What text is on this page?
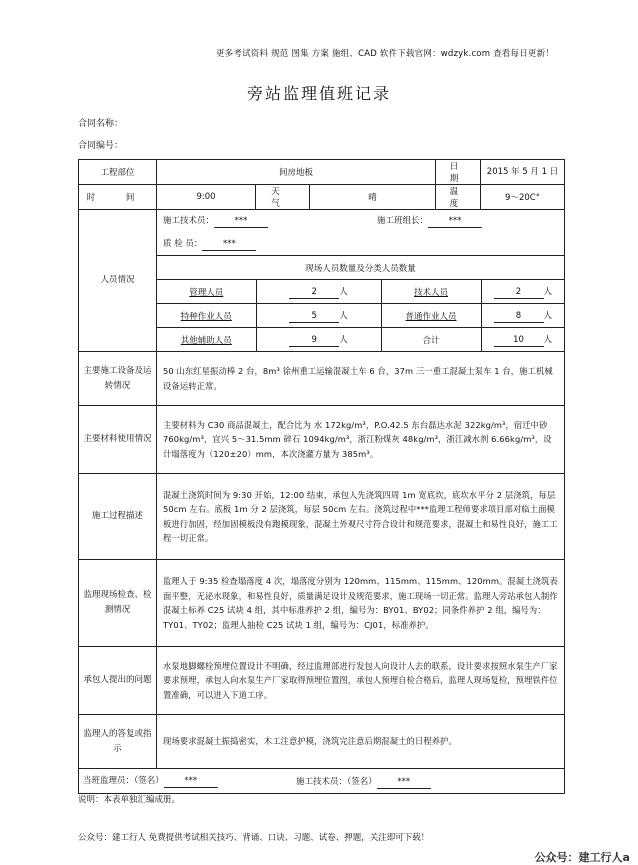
更多考试资料 规范 图集 方案 施组、CAD 软件下载官网：wdzyk.com 查看每日更新！
旁站监理值班记录
合同名称：
合同编号：
工程部位	间房地板	日 期	2015 年 5 月 1 日
时 间	9:00	天 气	晴	温 度	9～20C°
人员情况	
施工技术员： ***	施工班组长： ***
质 检 员： ***
现场人员数量及分类人员数量
管理人员	2	人	技术人员	2	人
特种作业人员	5	人	普通作业人员	8	人
其他辅助人员	9	人	合计	10 人

主要施工设备及运转情况	50 山东红星振动棒 2 台，8m³ 徐州重工运输混凝土车 6 台，37m 三一重工混凝土泵车 1 台，施工机械设备运转正常。
主要材料使用情况	主要材料为 C30 商品混凝土，配合比为 水 172kg/m³，P.O.42.5 东台磊达水泥 322kg/m³，宿迁中砂 760kg/m³，宜兴 5～31.5mm 碎石 1094kg/m³，浙江粉煤灰 48kg/m³，浙江减水剂 6.66kg/m³，设计塌落度为（120±20）mm，本次浇灌方量为 385m³。
施工过程描述	混凝土浇筑时间为 9:30 开始，12:00 结束，承包人先浇筑四周 1m 宽底坎，底坎水平分 2 层浇筑，每层 50cm 左右。底板 1m 分 2 层浇筑，每层 50cm 左右。浇筑过程中***监理工程师要求项目部对临土面模板进行加固，经加固模板没有跑模现象，混凝土外观尺寸符合设计和规范要求，混凝土和易性良好，施工工程一切正常。
监理现场检查、检测情况	监理人于 9:35 检查塌落度 4 次，塌落度分别为 120mm、115mm、115mm、120mm。混凝土浇筑表面平整，无泌水现象，和易性良好，质量满足设计及规范要求，施工现场一切正常。监理人旁站承包人制作混凝土标养 C25 试块 4 组，其中标准养护 2 组，编号为：BY01、BY02；同条件养护 2 组，编号为：TY01、TY02；监理人抽检 C25 试块 1 组，编号为：CJ01，标准养护。
承包人提出的问题	水泵地脚螺栓预埋位置设计不明确，经过监理部进行发包人向设计人去的联系，设计要求按照水泵生产厂家要求预埋，承包人向水泵生产厂家取得预埋位置图，承包人预埋自检合格后，监理人现场复检，预埋铁件位置准确，可以进入下道工序。
监理人的答复或指示	现场要求混凝土振捣密实，木工注意护模，浇筑完注意后期混凝土的日程养护。
当班监理员：（签名） ***	施工技术员：（签名） ***
说明：本表单独汇编成册。
公众号：建工行人 免费提供考试相关技巧、背诵、口诀、习题、试卷、押题，关注即可下载！
公众号：建工行人a
